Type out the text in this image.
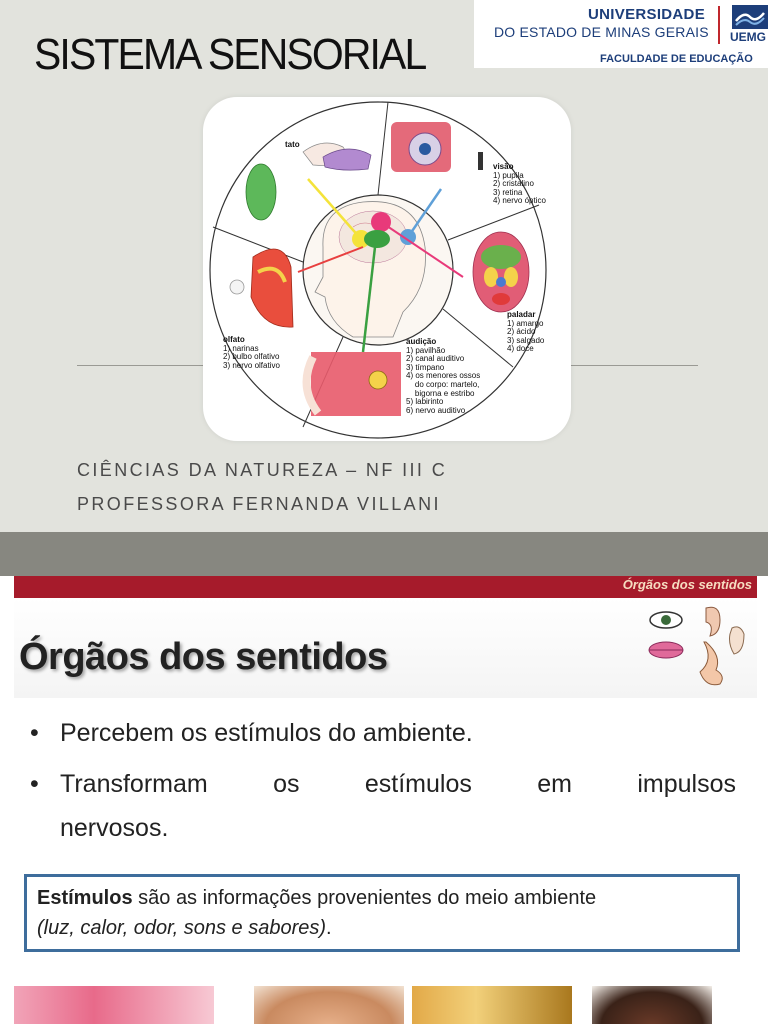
SISTEMA SENSORIAL
UNIVERSIDADE
DO ESTADO DE MINAS GERAIS UEMG
FACULDADE DE EDUCAÇÃO
tato
visão
1) pupila
2) cristalino
3) retina
4) nervo óptico
paladar
1) amargo
2) ácido
3) salgado
4) doce
olfato
1) narinas
2) bulbo olfativo
3) nervo olfativo
audição
1) pavilhão
2) canal auditivo
3) tímpano
4) os menores ossos
do corpo: martelo,
bigorna e estribo
5) labirinto
6) nervo auditivo
CIÊNCIAS DA NATUREZA – NF III C
PROFESSORA FERNANDA VILLANI
Órgãos dos sentidos
Órgãos dos sentidos
• Percebem os estímulos do ambiente.
• Transformam	os	estímulos	em	impulsos
nervosos.
Estímulos são as informações provenientes do meio ambiente
(luz, calor, odor, sons e sabores).
